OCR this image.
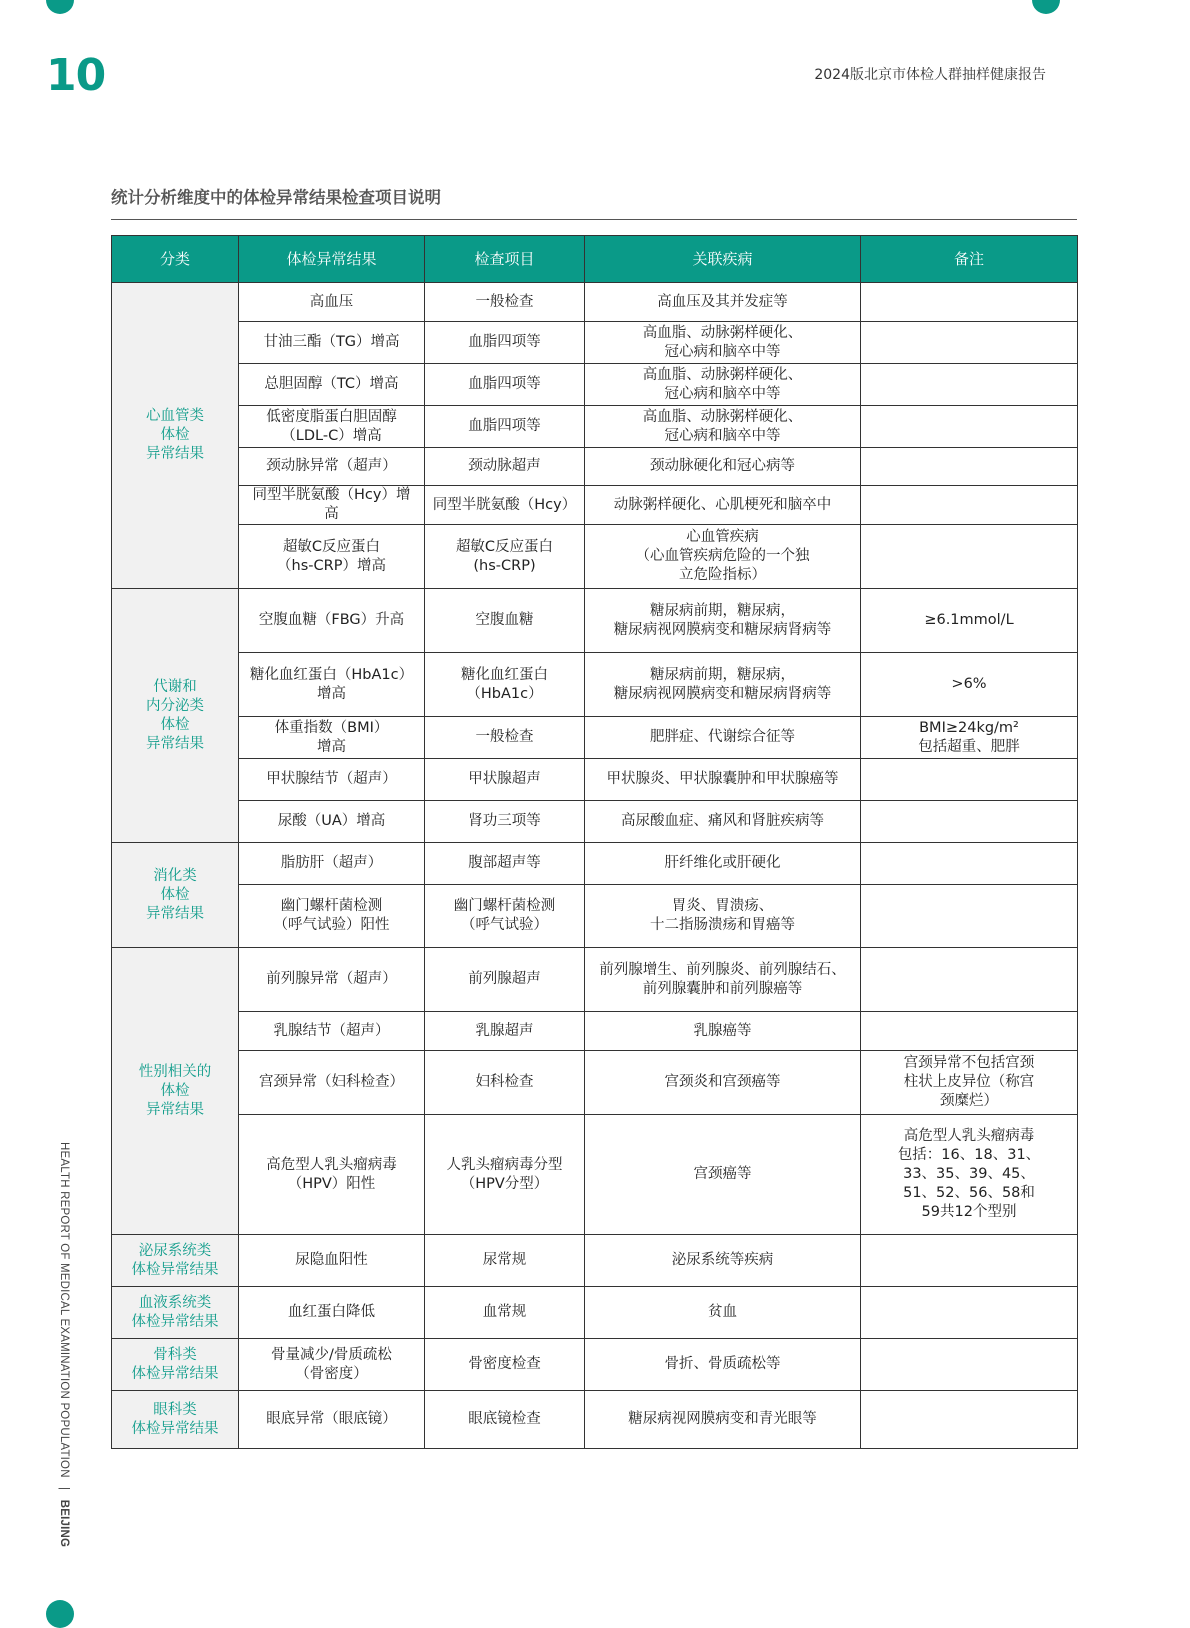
10	2024版北京市体检人群抽样健康报告
统计分析维度中的体检异常结果检查项目说明
HEALTH REPORT OF MEDICAL EXAMINATION POPULATION | BEIJING
分类	体检异常结果	检查项目	关联疾病	备注

心血管类
体检
异常结果	高血压	一般检查	高血压及其并发症等	

	甘油三酯（TG）增高	血脂四项等	高血脂、动脉粥样硬化、
冠心病和脑卒中等	

	总胆固醇（TC）增高	血脂四项等	高血脂、动脉粥样硬化、
冠心病和脑卒中等	

	低密度脂蛋白胆固醇
（LDL-C）增高	血脂四项等	高血脂、动脉粥样硬化、
冠心病和脑卒中等	

	颈动脉异常（超声）	颈动脉超声	颈动脉硬化和冠心病等	

	同型半胱氨酸（Hcy）增
高	同型半胱氨酸（Hcy）	动脉粥样硬化、心肌梗死和脑卒中	

	超敏C反应蛋白
（hs-CRP）增高	超敏C反应蛋白
(hs-CRP)	心血管疾病
（心血管疾病危险的一个独
立危险指标）	

代谢和
内分泌类
体检
异常结果	空腹血糖（FBG）升高	空腹血糖	糖尿病前期，糖尿病，
糖尿病视网膜病变和糖尿病肾病等	≥6.1mmol/L

	糖化血红蛋白（HbA1c）
增高	糖化血红蛋白
（HbA1c）	糖尿病前期，糖尿病，
糖尿病视网膜病变和糖尿病肾病等	>6%

	体重指数（BMI）
增高	一般检查	肥胖症、代谢综合征等	BMI≥24kg/m²
包括超重、肥胖

	甲状腺结节（超声）	甲状腺超声	甲状腺炎、甲状腺囊肿和甲状腺癌等	

	尿酸（UA）增高	肾功三项等	高尿酸血症、痛风和肾脏疾病等	

消化类
体检
异常结果	脂肪肝（超声）	腹部超声等	肝纤维化或肝硬化	

	幽门螺杆菌检测
（呼气试验）阳性	幽门螺杆菌检测
（呼气试验）	胃炎、胃溃疡、
十二指肠溃疡和胃癌等	

性别相关的
体检
异常结果	前列腺异常（超声）	前列腺超声	前列腺增生、前列腺炎、前列腺结石、
前列腺囊肿和前列腺癌等	

	乳腺结节（超声）	乳腺超声	乳腺癌等	

	宫颈异常（妇科检查）	妇科检查	宫颈炎和宫颈癌等	宫颈异常不包括宫颈
柱状上皮异位（称宫
颈糜烂）

	高危型人乳头瘤病毒
（HPV）阳性	人乳头瘤病毒分型
（HPV分型）	宫颈癌等	高危型人乳头瘤病毒
包括：16、18、31、
33、35、39、45、
51、52、56、58和
59共12个型别

泌尿系统类
体检异常结果	尿隐血阳性	尿常规	泌尿系统等疾病	

血液系统类
体检异常结果	血红蛋白降低	血常规	贫血	

骨科类
体检异常结果	骨量减少/骨质疏松
（骨密度）	骨密度检查	骨折、骨质疏松等	

眼科类
体检异常结果	眼底异常（眼底镜）	眼底镜检查	糖尿病视网膜病变和青光眼等	
